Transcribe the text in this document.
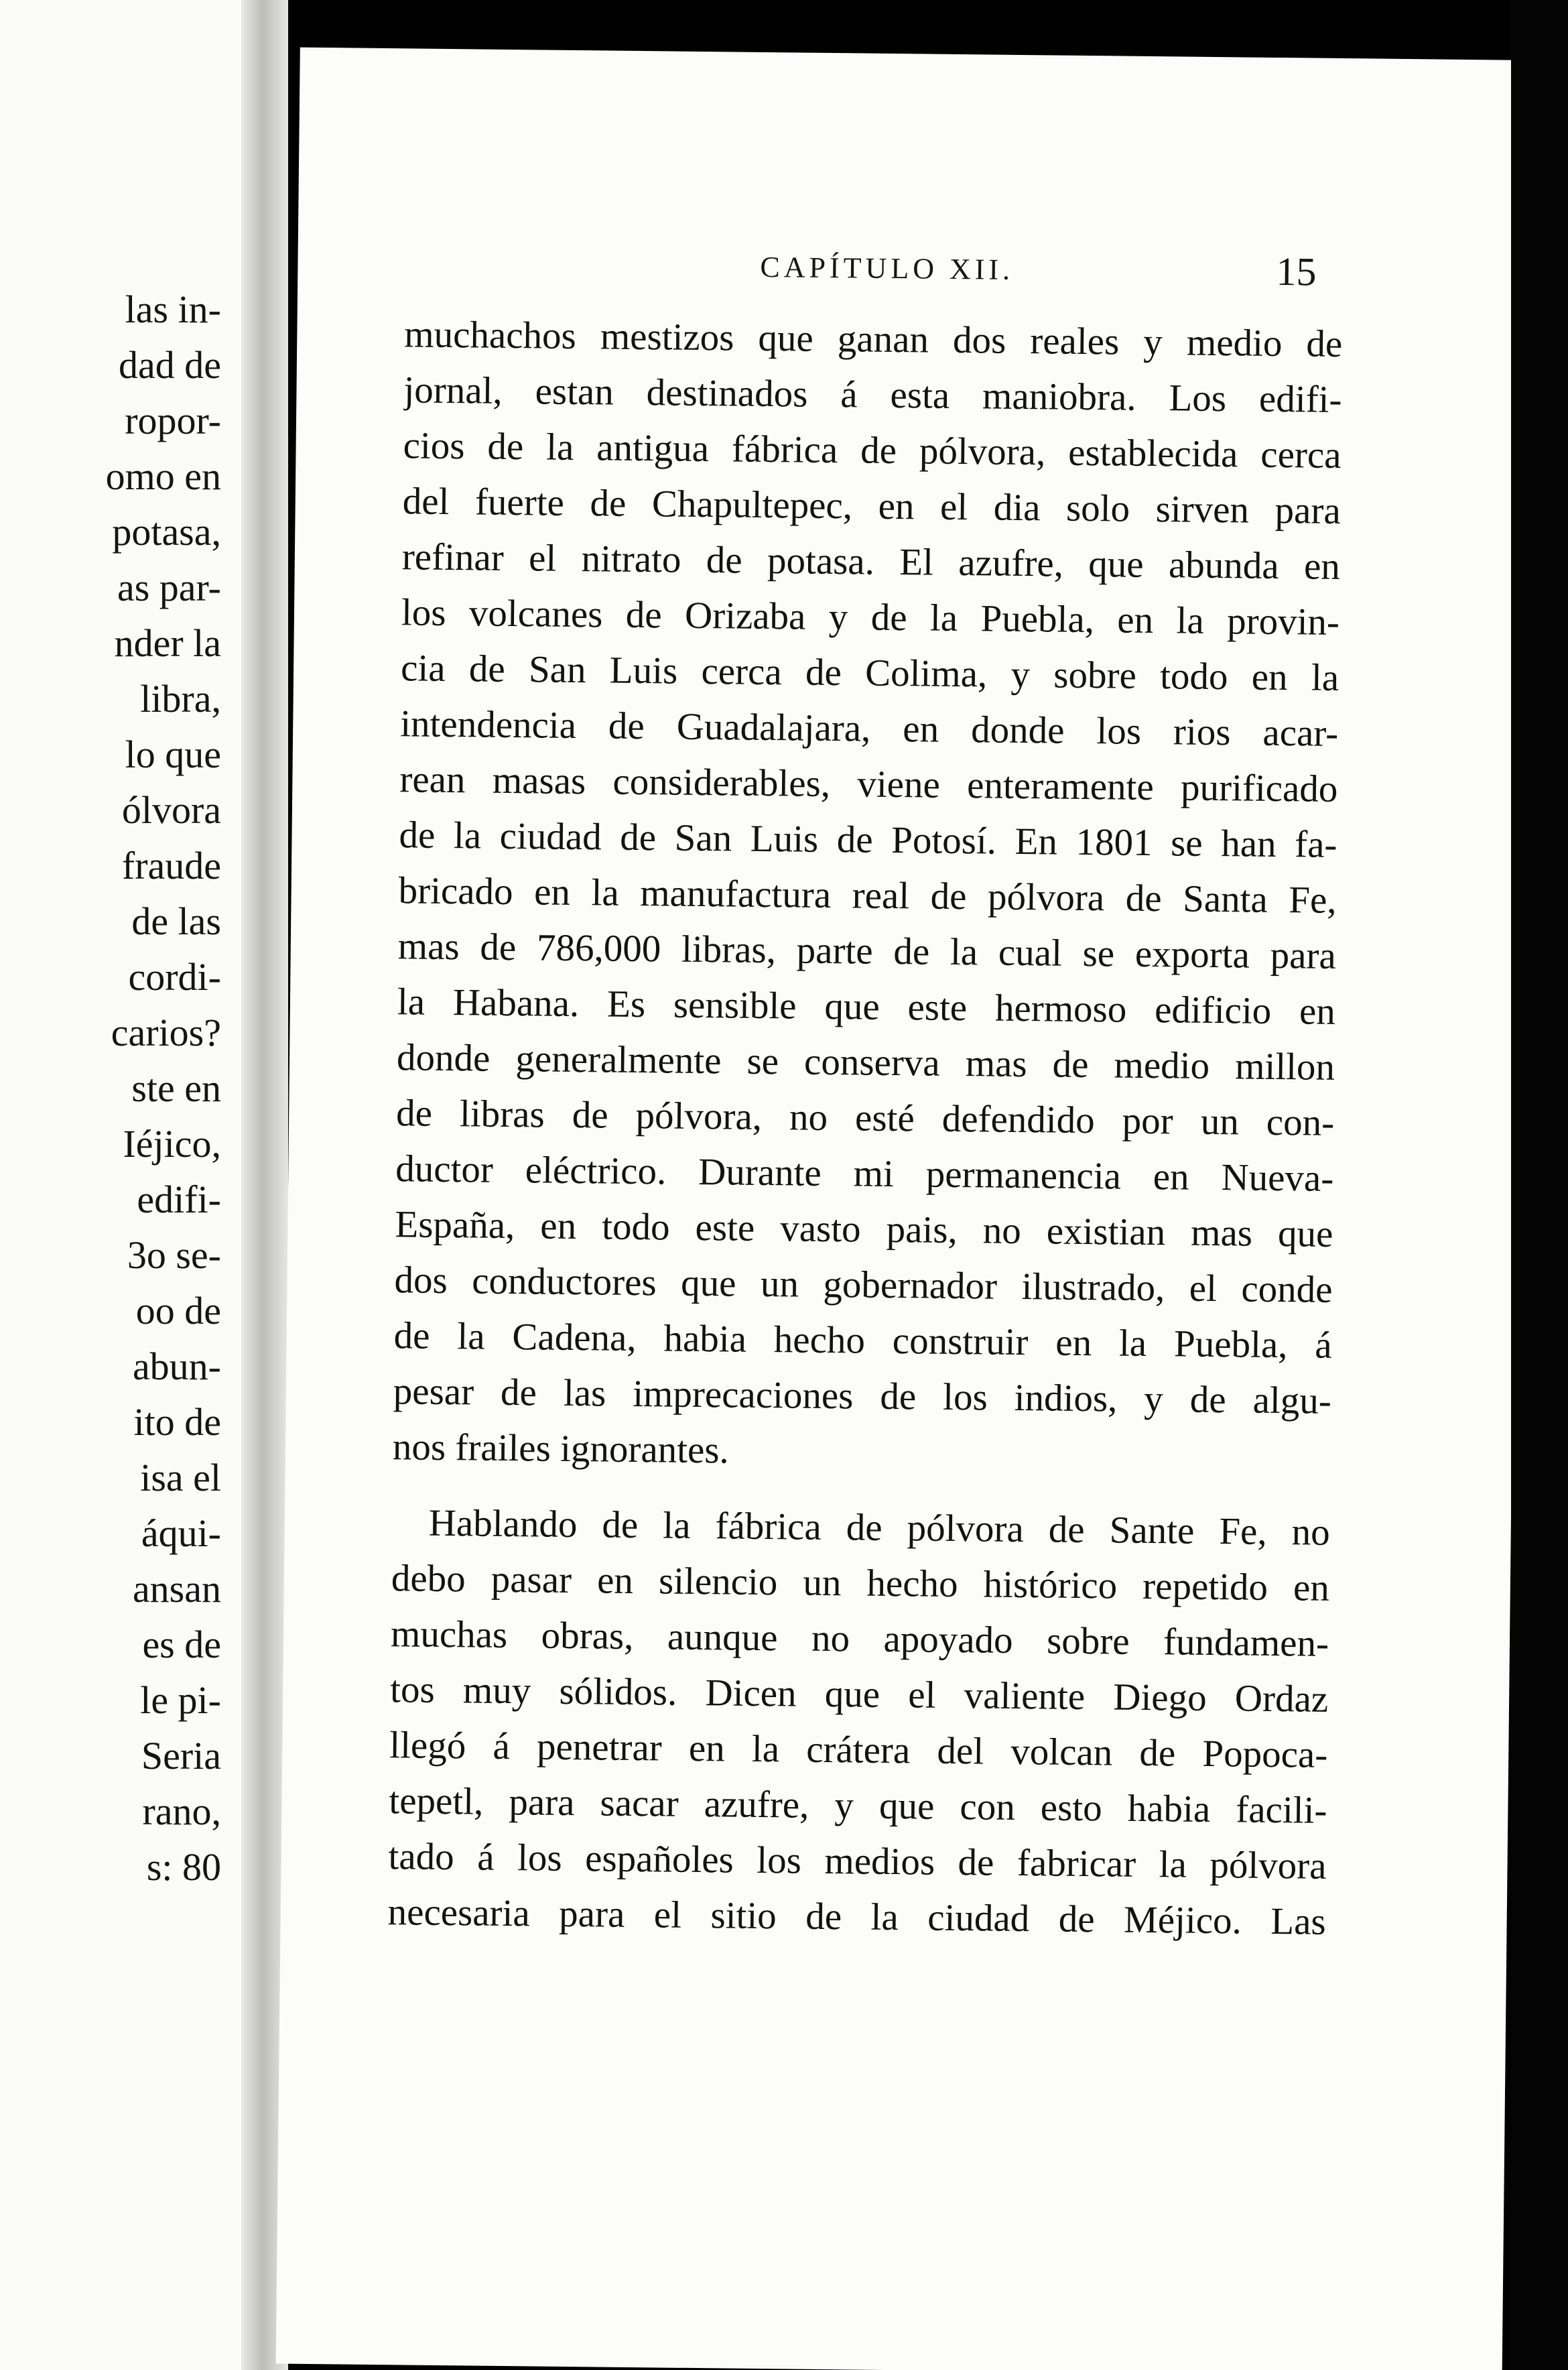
las in-
dad de
ropor-
omo en
potasa,
as par-
nder la
libra,
lo que
ólvora
fraude
de las
cordi-
carios?
ste en
Iéjico,
edifi-
3o se-
oo de
abun-
ito de
isa el
áqui-
ansan
es de
le pi-
Seria
rano,
s: 80
CAPÍTULO XII.	15
muchachos mestizos que ganan dos reales y medio de
jornal, estan destinados á esta maniobra. Los edifi-
cios de la antigua fábrica de pólvora, establecida cerca
del fuerte de Chapultepec, en el dia solo sirven para
refinar el nitrato de potasa. El azufre, que abunda en
los volcanes de Orizaba y de la Puebla, en la provin-
cia de San Luis cerca de Colima, y sobre todo en la
intendencia de Guadalajara, en donde los rios acar-
rean masas considerables, viene enteramente purificado
de la ciudad de San Luis de Potosí. En 1801 se han fa-
bricado en la manufactura real de pólvora de Santa Fe,
mas de 786,000 libras, parte de la cual se exporta para
la Habana. Es sensible que este hermoso edificio en
donde generalmente se conserva mas de medio millon
de libras de pólvora, no esté defendido por un con-
ductor eléctrico. Durante mi permanencia en Nueva-
España, en todo este vasto pais, no existian mas que
dos conductores que un gobernador ilustrado, el conde
de la Cadena, habia hecho construir en la Puebla, á
pesar de las imprecaciones de los indios, y de algu-
nos frailes ignorantes.
Hablando de la fábrica de pólvora de Sante Fe, no
debo pasar en silencio un hecho histórico repetido en
muchas obras, aunque no apoyado sobre fundamen-
tos muy sólidos. Dicen que el valiente Diego Ordaz
llegó á penetrar en la crátera del volcan de Popoca-
tepetl, para sacar azufre, y que con esto habia facili-
tado á los españoles los medios de fabricar la pólvora
necesaria para el sitio de la ciudad de Méjico. Las
